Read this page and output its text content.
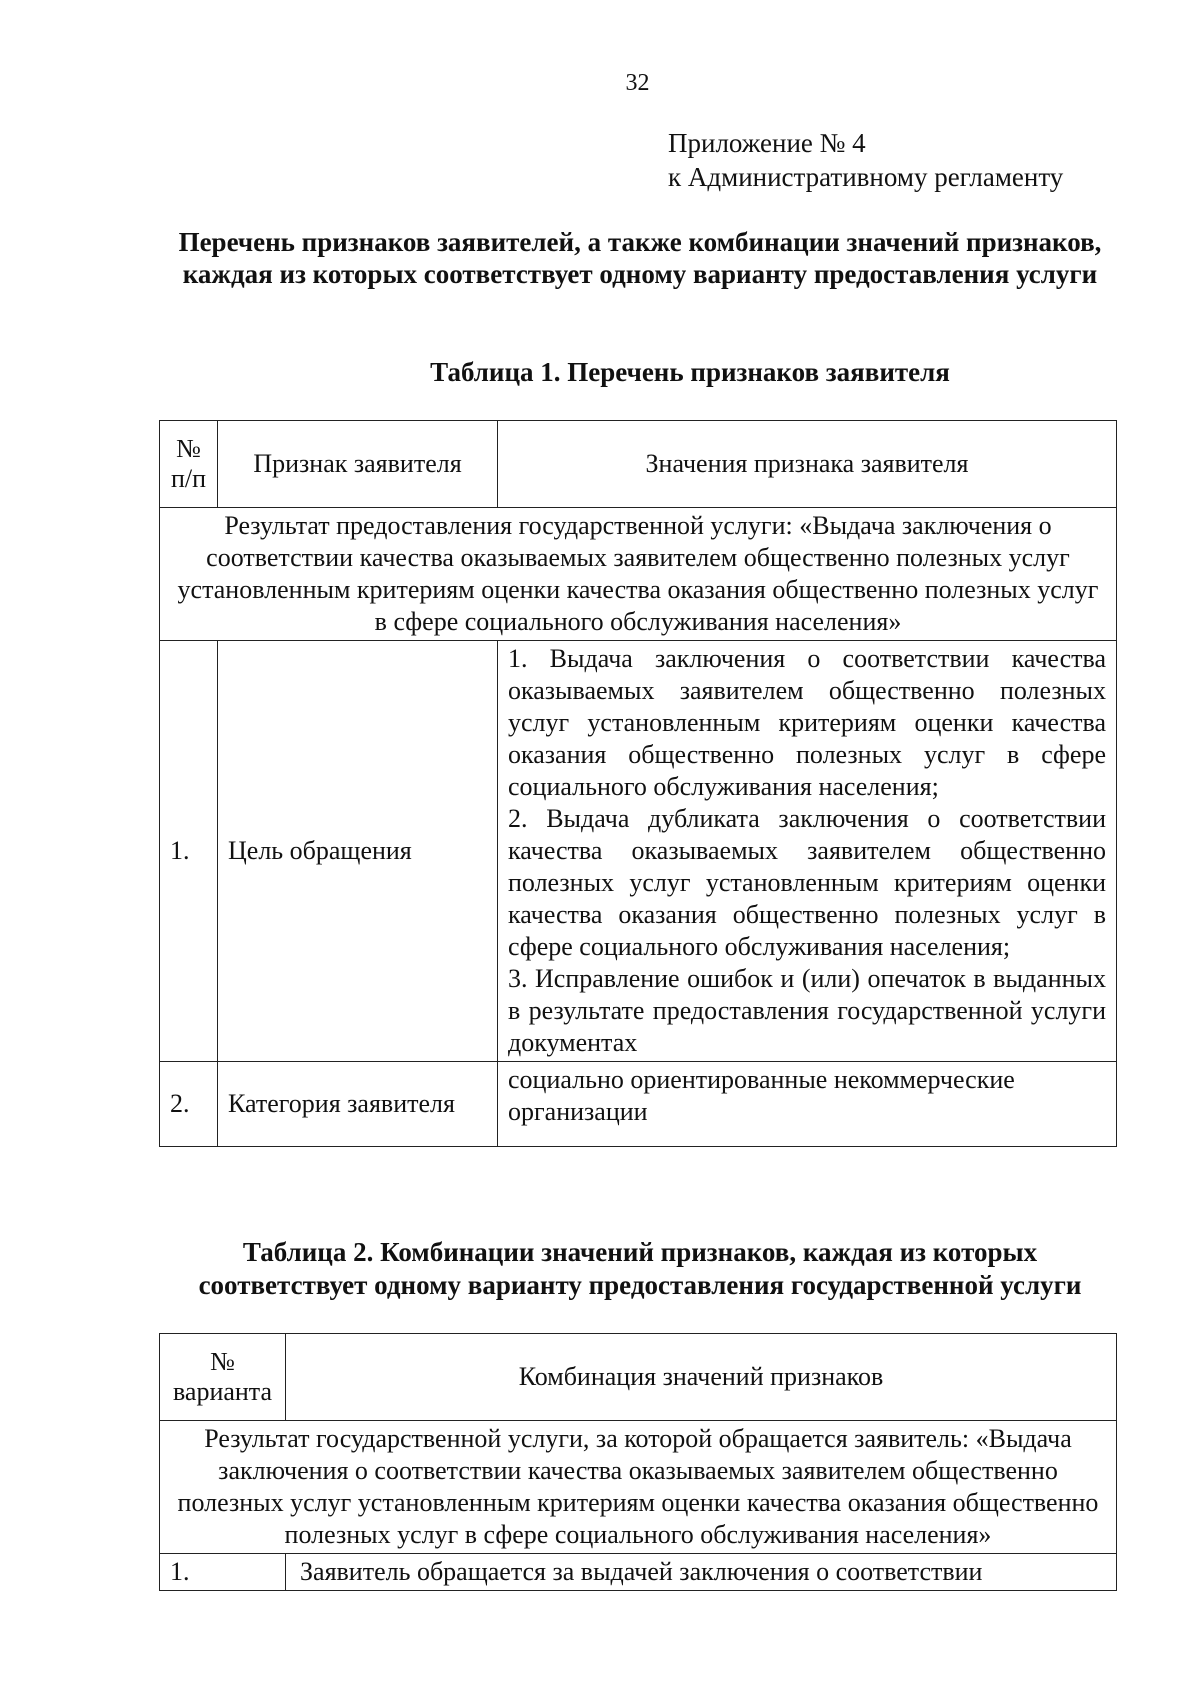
32
Приложение № 4
к Административному регламенту
Перечень признаков заявителей, а также комбинации значений признаков, каждая из которых соответствует одному варианту предоставления услуги
Таблица 1. Перечень признаков заявителя
№ п/п	Признак заявителя	Значения признака заявителя
Результат предоставления государственной услуги: «Выдача заключения о соответствии качества оказываемых заявителем общественно полезных услуг установленным критериям оценки качества оказания общественно полезных услуг в сфере социального обслуживания населения»		
1.	Цель обращения	1. Выдача заключения о соответствии качества оказываемых заявителем общественно полезных услуг установленным критериям оценки качества оказания общественно полезных услуг в сфере социального обслуживания населения;

2. Выдача дубликата заключения о соответствии качества оказываемых заявителем общественно полезных услуг установленным критериям оценки качества оказания общественно полезных услуг в сфере социального обслуживания населения;

3. Исправление ошибок и (или) опечаток в выданных в результате предоставления государственной услуги документах

2.	Категория заявителя	социально ориентированные некоммерческие организации
Таблица 2. Комбинации значений признаков, каждая из которых соответствует одному варианту предоставления государственной услуги
№ варианта	Комбинация значений признаков
Результат государственной услуги, за которой обращается заявитель: «Выдача заключения о соответствии качества оказываемых заявителем общественно полезных услуг установленным критериям оценки качества оказания общественно полезных услуг в сфере социального обслуживания населения»	
1.	Заявитель обращается за выдачей заключения о соответствии
